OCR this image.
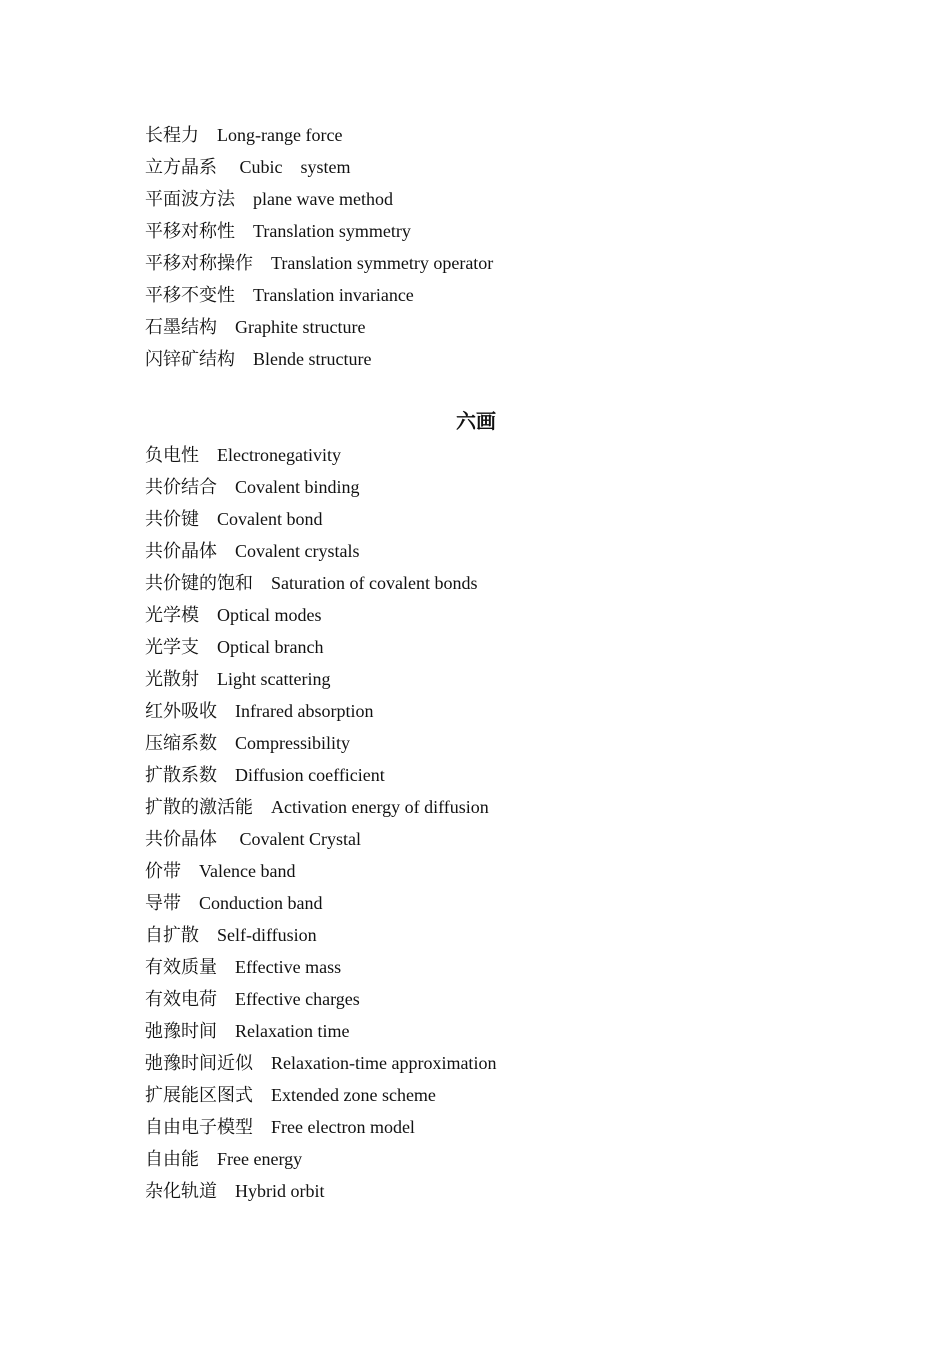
长程力　Long-range force
立方晶系　 Cubic　system
平面波方法　plane wave method
平移对称性　Translation symmetry
平移对称操作　Translation symmetry operator
平移不变性　Translation invariance
石墨结构　Graphite structure
闪锌矿结构　Blende structure
六画
负电性　Electronegativity
共价结合　Covalent binding
共价键　Covalent bond
共价晶体　Covalent crystals
共价键的饱和　Saturation of covalent bonds
光学模　Optical modes
光学支　Optical branch
光散射　Light scattering
红外吸收　Infrared absorption
压缩系数　Compressibility
扩散系数　Diffusion coefficient
扩散的激活能　Activation energy of diffusion
共价晶体　 Covalent Crystal
价带　Valence band
导带　Conduction band
自扩散　Self-diffusion
有效质量　Effective mass
有效电荷　Effective charges
弛豫时间　Relaxation time
弛豫时间近似　Relaxation-time approximation
扩展能区图式　Extended zone scheme
自由电子模型　Free electron model
自由能　Free energy
杂化轨道　Hybrid orbit
